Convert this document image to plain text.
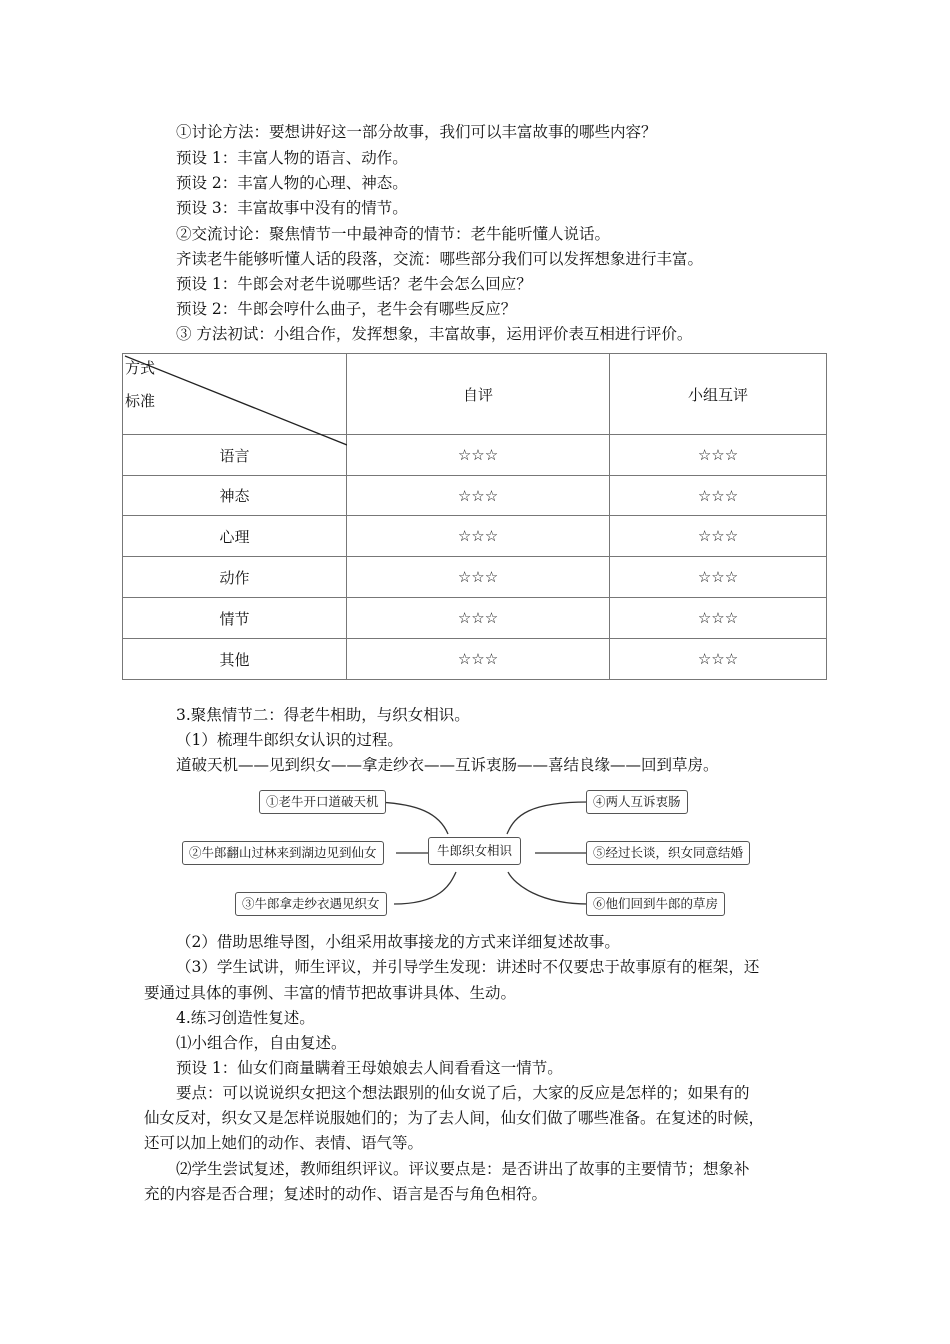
①讨论方法：要想讲好这一部分故事，我们可以丰富故事的哪些内容？
预设 1：丰富人物的语言、动作。
预设 2：丰富人物的心理、神态。
预设 3：丰富故事中没有的情节。
②交流讨论：聚焦情节一中最神奇的情节：老牛能听懂人说话。
齐读老牛能够听懂人话的段落，交流：哪些部分我们可以发挥想象进行丰富。
预设 1：牛郎会对老牛说哪些话？老牛会怎么回应？
预设 2：牛郎会哼什么曲子，老牛会有哪些反应？
③ 方法初试：小组合作，发挥想象，丰富故事，运用评价表互相进行评价。
方式
标准	自评	小组互评
语言	☆☆☆	☆☆☆
神态	☆☆☆	☆☆☆
心理	☆☆☆	☆☆☆
动作	☆☆☆	☆☆☆
情节	☆☆☆	☆☆☆
其他	☆☆☆	☆☆☆
3.聚焦情节二：得老牛相助，与织女相识。
（1）梳理牛郎织女认识的过程。
道破天机——见到织女——拿走纱衣——互诉衷肠——喜结良缘——回到草房。
①老牛开口道破天机
②牛郎翻山过林来到湖边见到仙女
③牛郎拿走纱衣遇见织女
牛郎织女相识
④两人互诉衷肠
⑤经过长谈，织女同意结婚
⑥他们回到牛郎的草房
（2）借助思维导图，小组采用故事接龙的方式来详细复述故事。
（3）学生试讲，师生评议，并引导学生发现：讲述时不仅要忠于故事原有的框架，还
要通过具体的事例、丰富的情节把故事讲具体、生动。
4.练习创造性复述。
⑴小组合作，自由复述。
预设 1：仙女们商量瞒着王母娘娘去人间看看这一情节。
要点：可以说说织女把这个想法跟别的仙女说了后，大家的反应是怎样的；如果有的
仙女反对，织女又是怎样说服她们的；为了去人间，仙女们做了哪些准备。在复述的时候，
还可以加上她们的动作、表情、语气等。
⑵学生尝试复述，教师组织评议。评议要点是：是否讲出了故事的主要情节；想象补
充的内容是否合理；复述时的动作、语言是否与角色相符。
